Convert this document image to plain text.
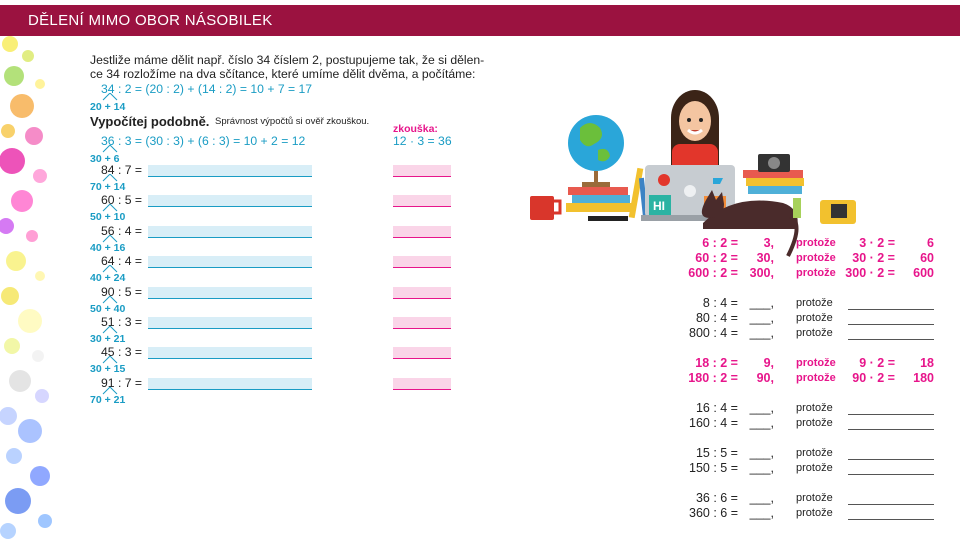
DĚLENÍ MIMO OBOR NÁSOBILEK
Jestliže máme dělit např. číslo 34 číslem 2, postupujeme tak, že si dělen-
ce 34 rozložíme na dva sčítance, které umíme dělit dvěma, a počítáme:
34 : 2 = (20 : 2) + (14 : 2) = 10 + 7 = 17
20 + 14
Vypočítej podobně. Správnost výpočtů si ověř zkouškou.
36 : 3 = (30 : 3) + (6 : 3) = 10 + 2 = 12
30 + 6
zkouška:
12 · 3 = 36
84 : 7 =
70 + 14
60 : 5 =
50 + 10
56 : 4 =
40 + 16
64 : 4 =
40 + 24
90 : 5 =
50 + 40
51 : 3 =
30 + 21
45 : 3 =
30 + 15
91 : 7 =
70 + 21
HI
6 : 2 =	3, protože	3 · 2 =	6
60 : 2 =	30, protože	30 · 2 =	60
600 : 2 = 300, protože 300 · 2 =	600
8 : 4 = ___, protože
80 : 4 = ___, protože
800 : 4 = ___, protože
18 : 2 =	9, protože	9 · 2 =	18
180 : 2 =	90, protože	90 · 2 =	180
16 : 4 = ___, protože
160 : 4 = ___, protože
15 : 5 = ___, protože
150 : 5 = ___, protože
36 : 6 = ___, protože
360 : 6 = ___, protože
